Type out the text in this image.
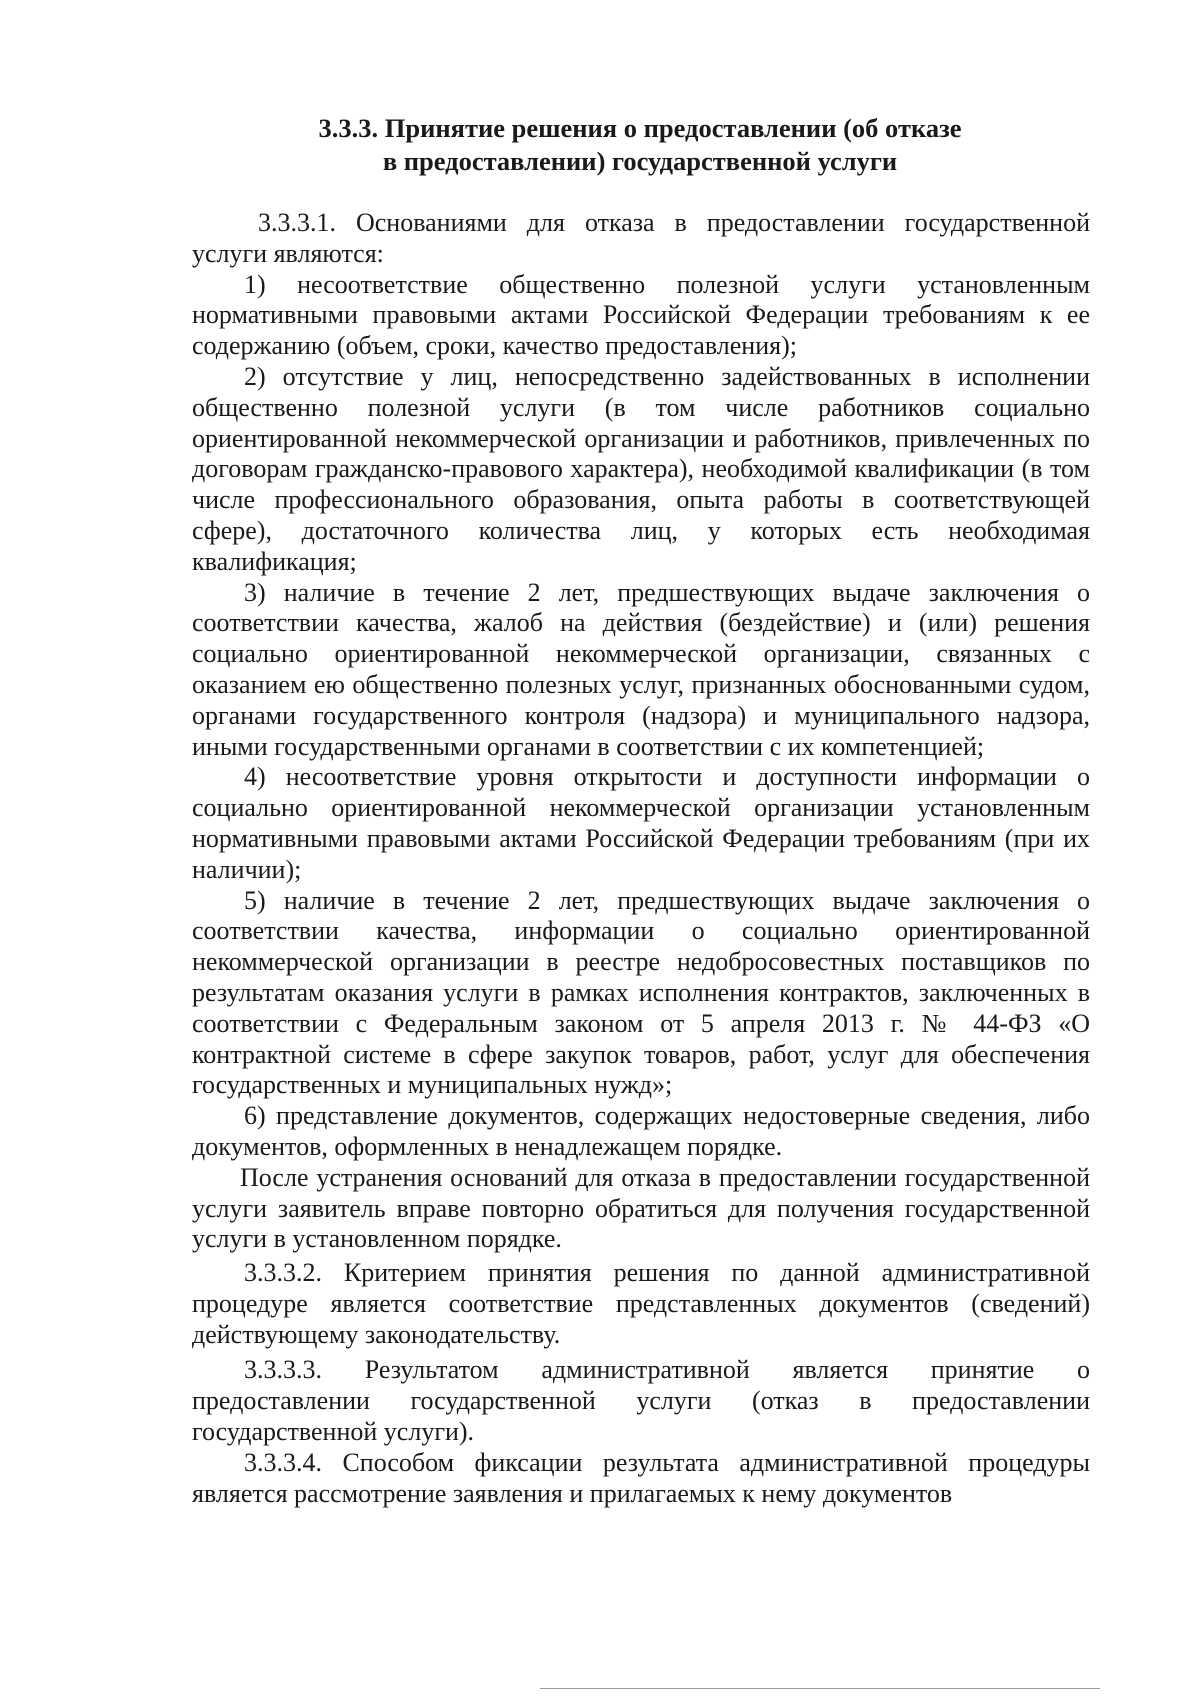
3.3.3. Принятие решения о предоставлении (об отказе
в предоставлении) государственной услуги

3.3.3.1. Основаниями для отказа в предоставлении государственной услуги являются:

1) несоответствие общественно полезной услуги установленным нормативными правовыми актами Российской Федерации требованиям к ее содержанию (объем, сроки, качество предоставления);

2) отсутствие у лиц, непосредственно задействованных в исполнении общественно полезной услуги (в том числе работников социально ориентированной некоммерческой организации и работников, привлеченных по договорам гражданско-правового характера), необходимой квалификации (в том числе профессионального образования, опыта работы в соответствующей сфере), достаточного количества лиц, у которых есть необходимая квалификация;

3) наличие в течение 2 лет, предшествующих выдаче заключения о соответствии качества, жалоб на действия (бездействие) и (или) решения социально ориентированной некоммерческой организации, связанных с оказанием ею общественно полезных услуг, признанных обоснованными судом, органами государственного контроля (надзора) и муниципального надзора, иными государственными органами в соответствии с их компетенцией;

4) несоответствие уровня открытости и доступности информации о социально ориентированной некоммерческой организации установленным нормативными правовыми актами Российской Федерации требованиям (при их наличии);

5) наличие в течение 2 лет, предшествующих выдаче заключения о соответствии качества, информации о социально ориентированной некоммерческой организации в реестре недобросовестных поставщиков по результатам оказания услуги в рамках исполнения контрактов, заключенных в соответствии с Федеральным законом от 5 апреля 2013 г. № 44-ФЗ «О контрактной системе в сфере закупок товаров, работ, услуг для обеспечения государственных и муниципальных нужд»;

6) представление документов, содержащих недостоверные сведения, либо документов, оформленных в ненадлежащем порядке.

После устранения оснований для отказа в предоставлении государственной услуги заявитель вправе повторно обратиться для получения государственной услуги в установленном порядке.

3.3.3.2. Критерием принятия решения по данной административной процедуре является соответствие представленных документов (сведений) действующему законодательству.

3.3.3.3. Результатом административной является принятие о предоставлении государственной услуги (отказ в предоставлении государственной услуги).

3.3.3.4. Способом фиксации результата административной процедуры является рассмотрение заявления и прилагаемых к нему документов
